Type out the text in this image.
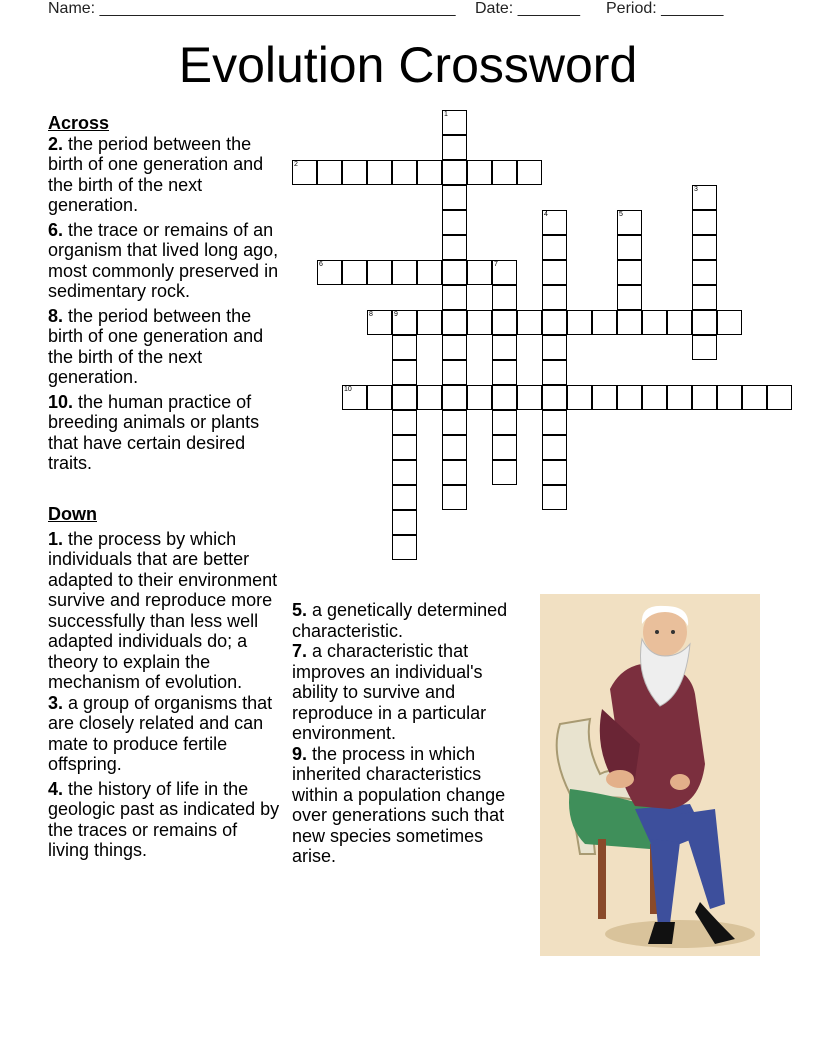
Name: ________________________________________ Date: _______ Period: _______
Evolution Crossword
1
2
3
4	5
6	7
8	9
10

Across

2. the period between the birth of one generation and the birth of the next generation.

6. the trace or remains of an organism that lived long ago, most commonly preserved in sedimentary rock.

8. the period between the birth of one generation and the birth of the next generation.

10. the human practice of breeding animals or plants that have certain desired traits.

Down

1. the process by which individuals that are better adapted to their environment survive and reproduce more successfully than less well adapted individuals do; a theory to explain the mechanism of evolution.

3. a group of organisms that are closely related and can mate to produce fertile offspring.

4. the history of life in the geologic past as indicated by the traces or remains of living things.

5. a genetically determined characteristic.

7. a characteristic that improves an individual's ability to survive and reproduce in a particular environment.

9. the process in which inherited characteristics within a population change over generations such that new species sometimes arise.
